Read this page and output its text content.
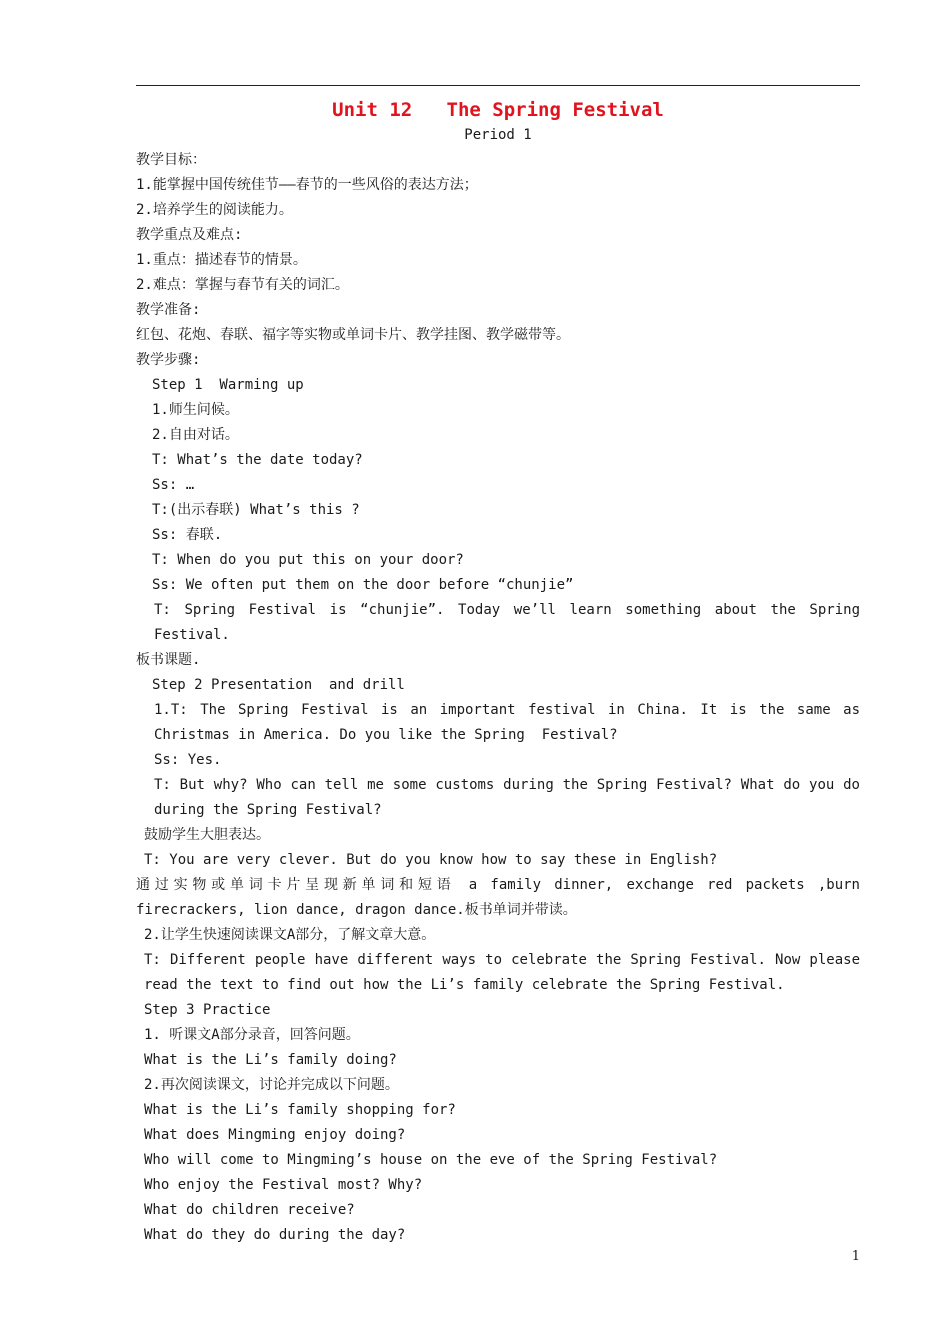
Unit 12   The Spring Festival
Period 1
教学目标：
1.能掌握中国传统佳节——春节的一些风俗的表达方法；
2.培养学生的阅读能力。
教学重点及难点:
1.重点：描述春节的情景。
2.难点：掌握与春节有关的词汇。
教学准备:
红包、花炮、春联、福字等实物或单词卡片、教学挂图、教学磁带等。
教学步骤:
Step 1  Warming up
1.师生问候。
2.自由对话。
T: What’s the date today?
Ss: …
T:(出示春联) What’s this ?
Ss: 春联.
T: When do you put this on your door?
Ss: We often put them on the door before “chunjie”
T: Spring Festival is “chunjie”. Today we’ll learn something about the Spring
Festival.
板书课题.
Step 2 Presentation  and drill
1.T: The Spring Festival is an important festival in China. It is the same as
Christmas in America. Do you like the Spring  Festival?
Ss: Yes.
T: But why? Who can tell me some customs during the Spring Festival? What do you do
during the Spring Festival?
鼓励学生大胆表达。
T: You are very clever. But do you know how to say these in English?
通过实物或单词卡片呈现新单词和短语 a family dinner, exchange red packets ,burn
firecrackers, lion dance, dragon dance.板书单词并带读。
2.让学生快速阅读课文A部分，了解文章大意。
T: Different people have different ways to celebrate the Spring Festival. Now please
read the text to find out how the Li’s family celebrate the Spring Festival.
Step 3 Practice
1. 听课文A部分录音，回答问题。
What is the Li’s family doing?
2.再次阅读课文，讨论并完成以下问题。
What is the Li’s family shopping for?
What does Mingming enjoy doing?
Who will come to Mingming’s house on the eve of the Spring Festival?
Who enjoy the Festival most? Why?
What do children receive?
What do they do during the day?
1
